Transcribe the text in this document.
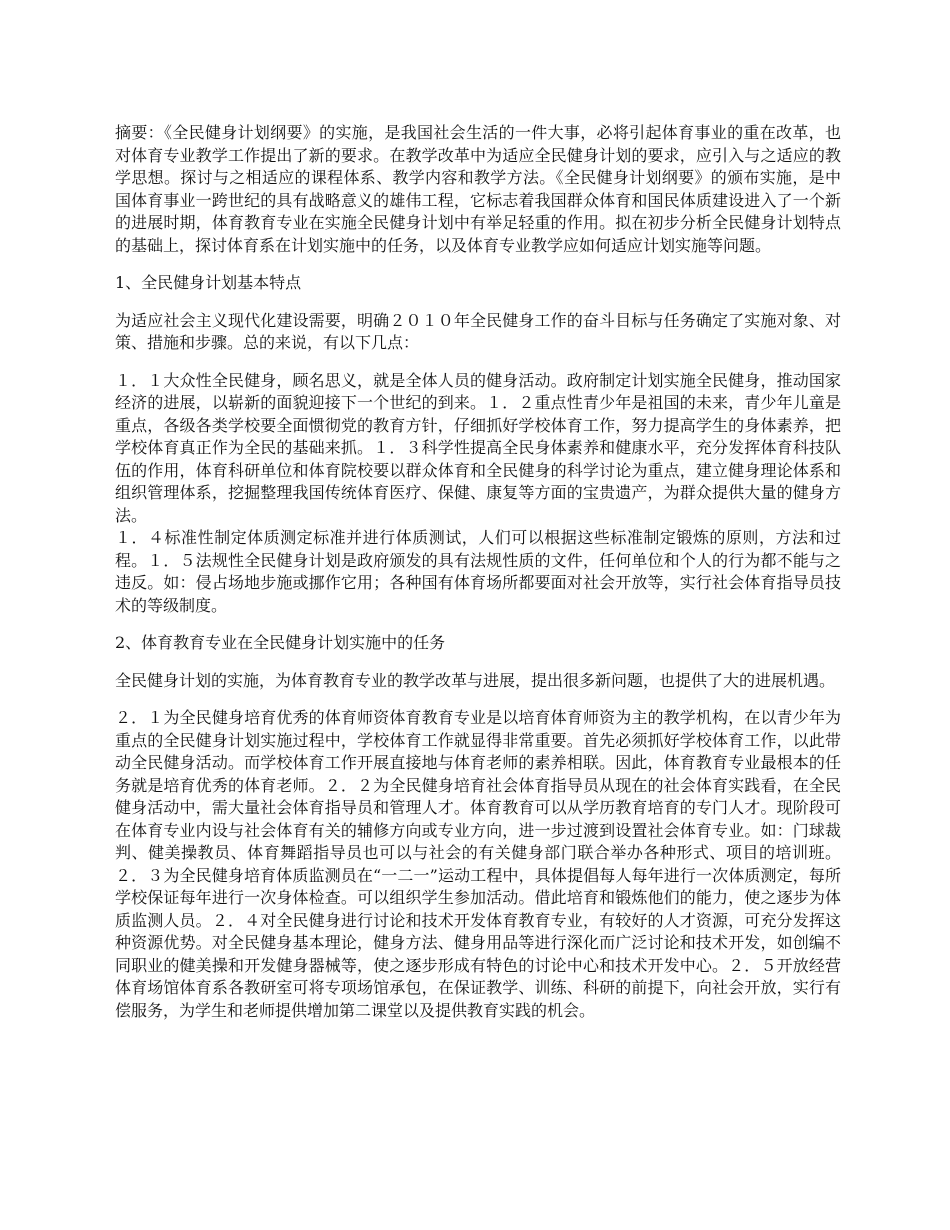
摘要：《全民健身计划纲要》的实施，是我国社会生活的一件大事，必将引起体育事业的重在改革，也对体育专业教学工作提出了新的要求。在教学改革中为适应全民健身计划的要求，应引入与之适应的教学思想。探讨与之相适应的课程体系、教学内容和教学方法。《全民健身计划纲要》的颁布实施，是中国体育事业一跨世纪的具有战略意义的雄伟工程，它标志着我国群众体育和国民体质建设进入了一个新的进展时期，体育教育专业在实施全民健身计划中有举足轻重的作用。拟在初步分析全民健身计划特点的基础上，探讨体育系在计划实施中的任务，以及体育专业教学应如何适应计划实施等问题。

1、全民健身计划基本特点

为适应社会主义现代化建设需要，明确２０１０年全民健身工作的奋斗目标与任务确定了实施对象、对策、措施和步骤。总的来说，有以下几点：

１．１大众性全民健身，顾名思义，就是全体人员的健身活动。政府制定计划实施全民健身，推动国家经济的进展，以崭新的面貌迎接下一个世纪的到来。１．２重点性青少年是祖国的未来，青少年儿童是重点，各级各类学校要全面惯彻党的教育方针，仔细抓好学校体育工作，努力提高学生的身体素养，把学校体育真正作为全民的基础来抓。１．３科学性提高全民身体素养和健康水平，充分发挥体育科技队伍的作用，体育科研单位和体育院校要以群众体育和全民健身的科学讨论为重点，建立健身理论体系和组织管理体系，挖掘整理我国传统体育医疗、保健、康复等方面的宝贵遗产，为群众提供大量的健身方法。

１．４标准性制定体质测定标准并进行体质测试，人们可以根据这些标准制定锻炼的原则，方法和过程。１．５法规性全民健身计划是政府颁发的具有法规性质的文件，任何单位和个人的行为都不能与之违反。如：侵占场地步施或挪作它用；各种国有体育场所都要面对社会开放等，实行社会体育指导员技术的等级制度。

2、体育教育专业在全民健身计划实施中的任务

全民健身计划的实施，为体育教育专业的教学改革与进展，提出很多新问题，也提供了大的进展机遇。

２．１为全民健身培育优秀的体育师资体育教育专业是以培育体育师资为主的教学机构，在以青少年为重点的全民健身计划实施过程中，学校体育工作就显得非常重要。首先必须抓好学校体育工作，以此带动全民健身活动。而学校体育工作开展直接地与体育老师的素养相联。因此，体育教育专业最根本的任务就是培育优秀的体育老师。２．２为全民健身培育社会体育指导员从现在的社会体育实践看，在全民健身活动中，需大量社会体育指导员和管理人才。体育教育可以从学历教育培育的专门人才。现阶段可在体育专业内设与社会体育有关的辅修方向或专业方向，进一步过渡到设置社会体育专业。如：门球裁判、健美操教员、体育舞蹈指导员也可以与社会的有关健身部门联合举办各种形式、项目的培训班。２．３为全民健身培育体质监测员在“一二一”运动工程中，具体提倡每人每年进行一次体质测定，每所学校保证每年进行一次身体检查。可以组织学生参加活动。借此培育和锻炼他们的能力，使之逐步为体质监测人员。２．４对全民健身进行讨论和技术开发体育教育专业，有较好的人才资源，可充分发挥这种资源优势。对全民健身基本理论，健身方法、健身用品等进行深化而广泛讨论和技术开发，如创编不同职业的健美操和开发健身器械等，使之逐步形成有特色的讨论中心和技术开发中心。２．５开放经营体育场馆体育系各教研室可将专项场馆承包，在保证教学、训练、科研的前提下，向社会开放，实行有偿服务，为学生和老师提供增加第二课堂以及提供教育实践的机会。
